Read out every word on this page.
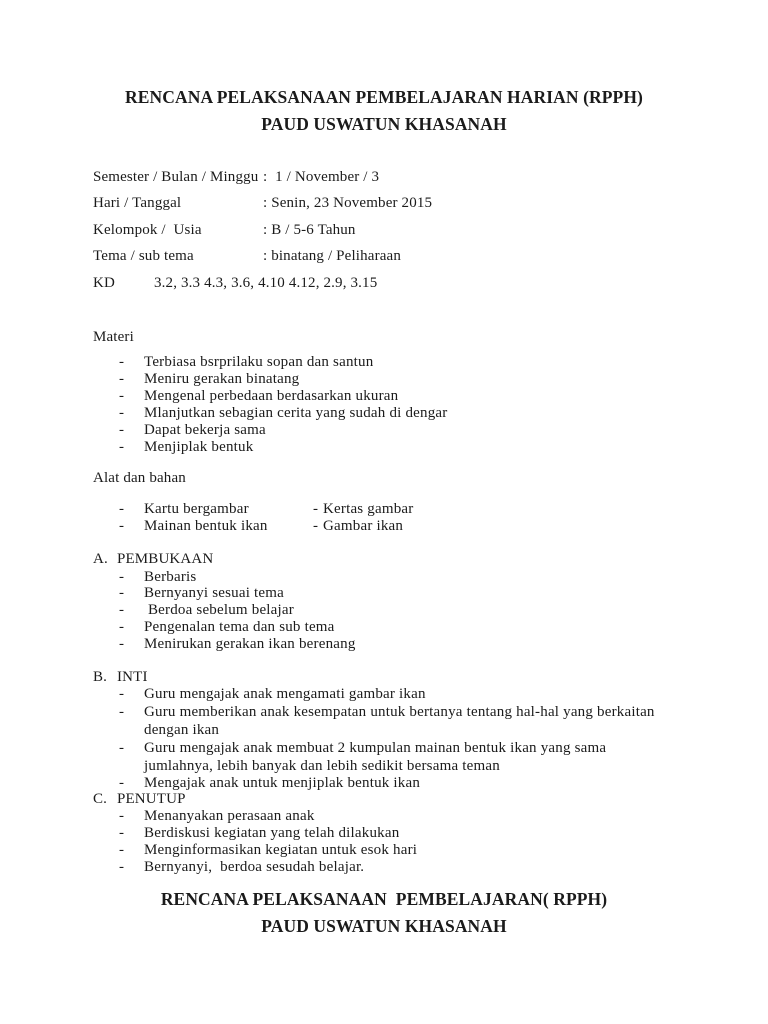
RENCANA PELAKSANAAN PEMBELAJARAN HARIAN (RPPH)
PAUD USWATUN KHASANAH
Semester / Bulan / Minggu :  1 / November / 3
Hari / Tanggal	: Senin, 23 November 2015
Kelompok /  Usia	: B / 5-6 Tahun
Tema / sub tema	: binatang / Peliharaan
KD	3.2, 3.3 4.3, 3.6, 4.10 4.12, 2.9, 3.15
Materi
- Terbiasa bsrprilaku sopan dan santun
- Meniru gerakan binatang
- Mengenal perbedaan berdasarkan ukuran
- Mlanjutkan sebagian cerita yang sudah di dengar
- Dapat bekerja sama
- Menjiplak bentuk
Alat dan bahan
- Kartu bergambar	- Kertas gambar
- Mainan bentuk ikan	- Gambar ikan
A. PEMBUKAAN
- Berbaris
- Bernyanyi sesuai tema
- Berdoa sebelum belajar
- Pengenalan tema dan sub tema
- Menirukan gerakan ikan berenang
B. INTI
- Guru mengajak anak mengamati gambar ikan
- Guru memberikan anak kesempatan untuk bertanya tentang hal-hal yang berkaitan
dengan ikan
- Guru mengajak anak membuat 2 kumpulan mainan bentuk ikan yang sama
jumlahnya, lebih banyak dan lebih sedikit bersama teman
- Mengajak anak untuk menjiplak bentuk ikan
C. PENUTUP
- Menanyakan perasaan anak
- Berdiskusi kegiatan yang telah dilakukan
- Menginformasikan kegiatan untuk esok hari
- Bernyanyi,  berdoa sesudah belajar.
RENCANA PELAKSANAAN  PEMBELAJARAN( RPPH)
PAUD USWATUN KHASANAH
